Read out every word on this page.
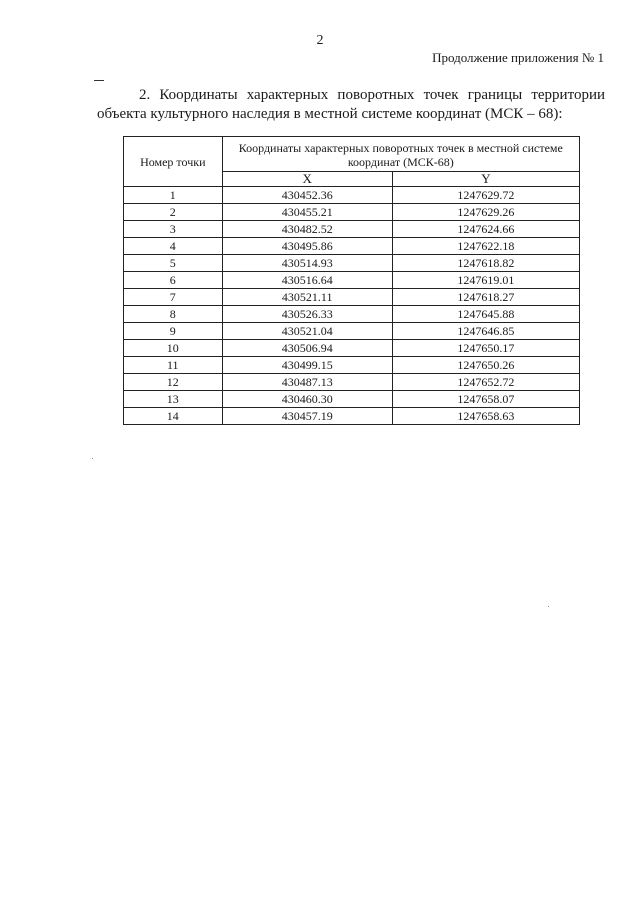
2
Продолжение приложения № 1
2. Координаты характерных поворотных точек границы территории
объекта культурного наследия в местной системе координат (МСК – 68):
Номер точки	Координаты характерных поворотных точек в местной системе координат (МСК-68)	
	X	Y
1	430452.36	1247629.72
2	430455.21	1247629.26
3	430482.52	1247624.66
4	430495.86	1247622.18
5	430514.93	1247618.82
6	430516.64	1247619.01
7	430521.11	1247618.27
8	430526.33	1247645.88
9	430521.04	1247646.85
10	430506.94	1247650.17
11	430499.15	1247650.26
12	430487.13	1247652.72
13	430460.30	1247658.07
14	430457.19	1247658.63
